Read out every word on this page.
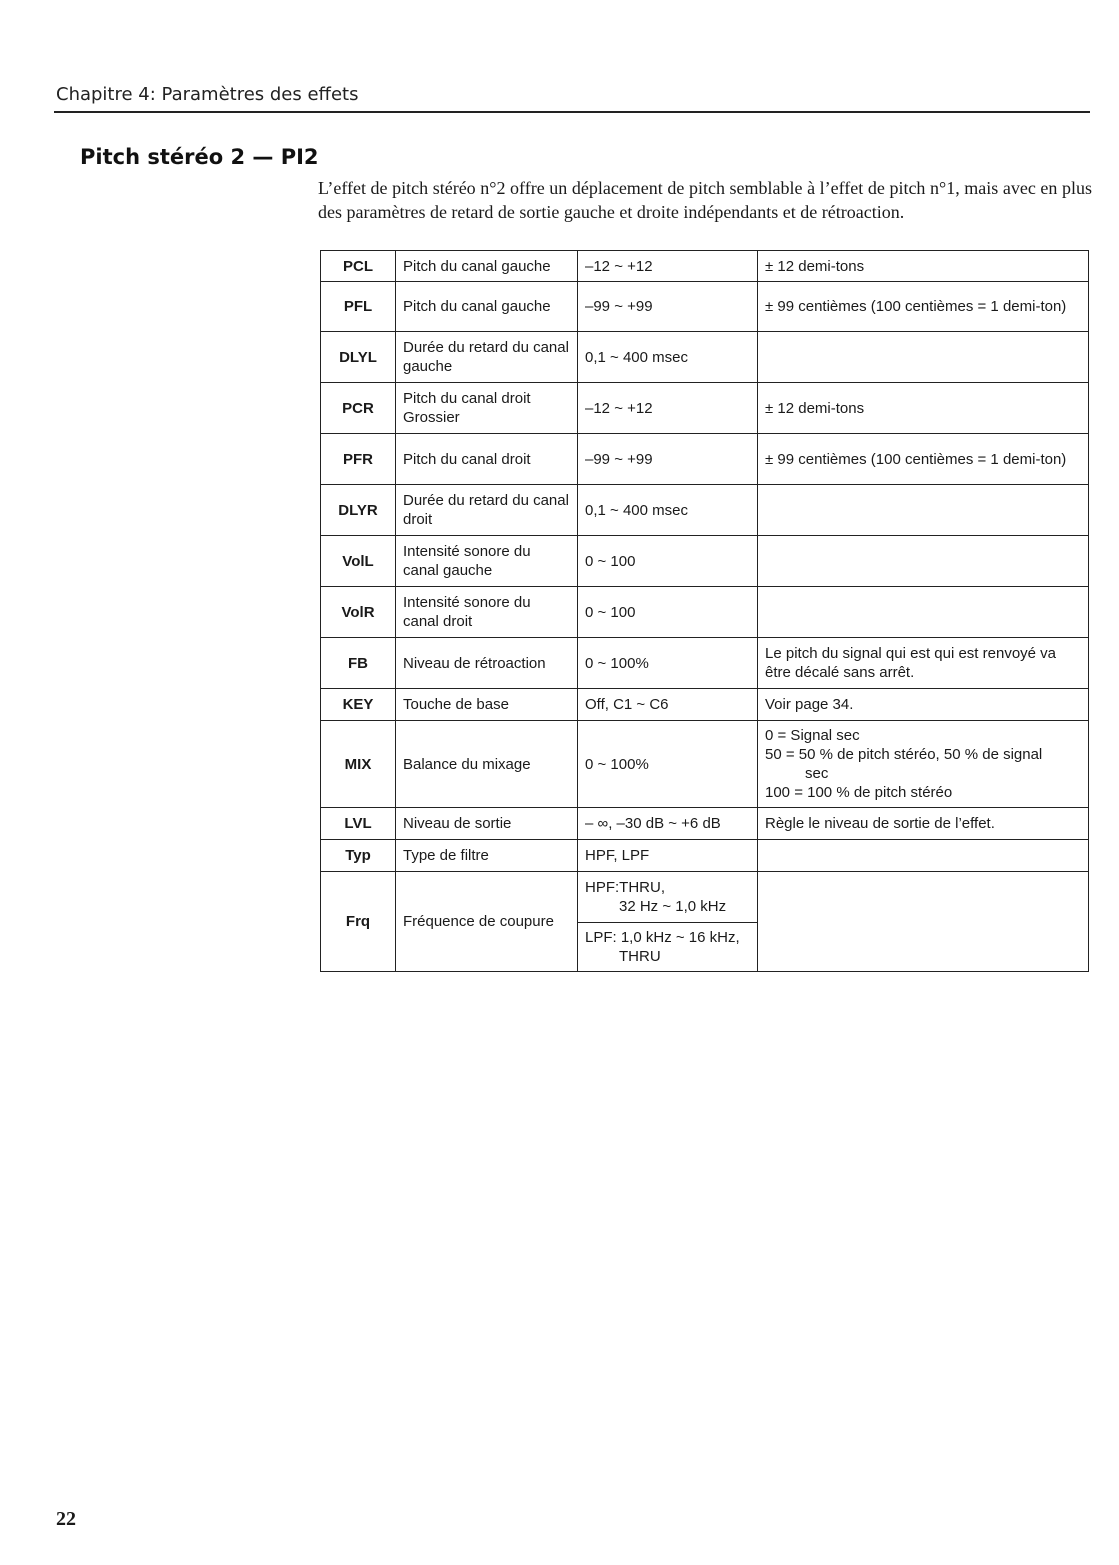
Chapitre 4: Paramètres des effets
Pitch stéréo 2 — PI2
L’effet de pitch stéréo n°2 offre un déplacement de pitch semblable à l’effet de pitch n°1, mais avec en plus des paramètres de retard de sortie gauche et droite indépendants et de rétroaction.
PCL	Pitch du canal gauche	–12 ~ +12	± 12 demi-tons
PFL	Pitch du canal gauche	–99 ~ +99	± 99 centièmes (100 centièmes = 1 demi-ton)
DLYL	Durée du retard du canal gauche	0,1 ~ 400 msec	
PCR	Pitch du canal droit Grossier	–12 ~ +12	± 12 demi-tons
PFR	Pitch du canal droit	–99 ~ +99	± 99 centièmes (100 centièmes = 1 demi-ton)
DLYR	Durée du retard du canal droit	0,1 ~ 400 msec	
VolL	Intensité sonore du canal gauche	0 ~ 100	
VolR	Intensité sonore du canal droit	0 ~ 100	
FB	Niveau de rétroaction	0 ~ 100%	Le pitch du signal qui est qui est renvoyé va être décalé sans arrêt.
KEY	Touche de base	Off, C1 ~ C6	Voir page 34.
MIX	Balance du mixage	0 ~ 100%	0 = Signal sec
50 = 50 % de pitch stéréo, 50 % de signal
sec
100 = 100 % de pitch stéréo

LVL	Niveau de sortie	– ∞, –30 dB ~ +6 dB	Règle le niveau de sortie de l’effet.
Typ	Type de filtre	HPF, LPF	
Frq	Fréquence de coupure	HPF:THRU,
32 Hz ~ 1,0 kHz	

		LPF: 1,0 kHz ~ 16 kHz,
THRU	
22
